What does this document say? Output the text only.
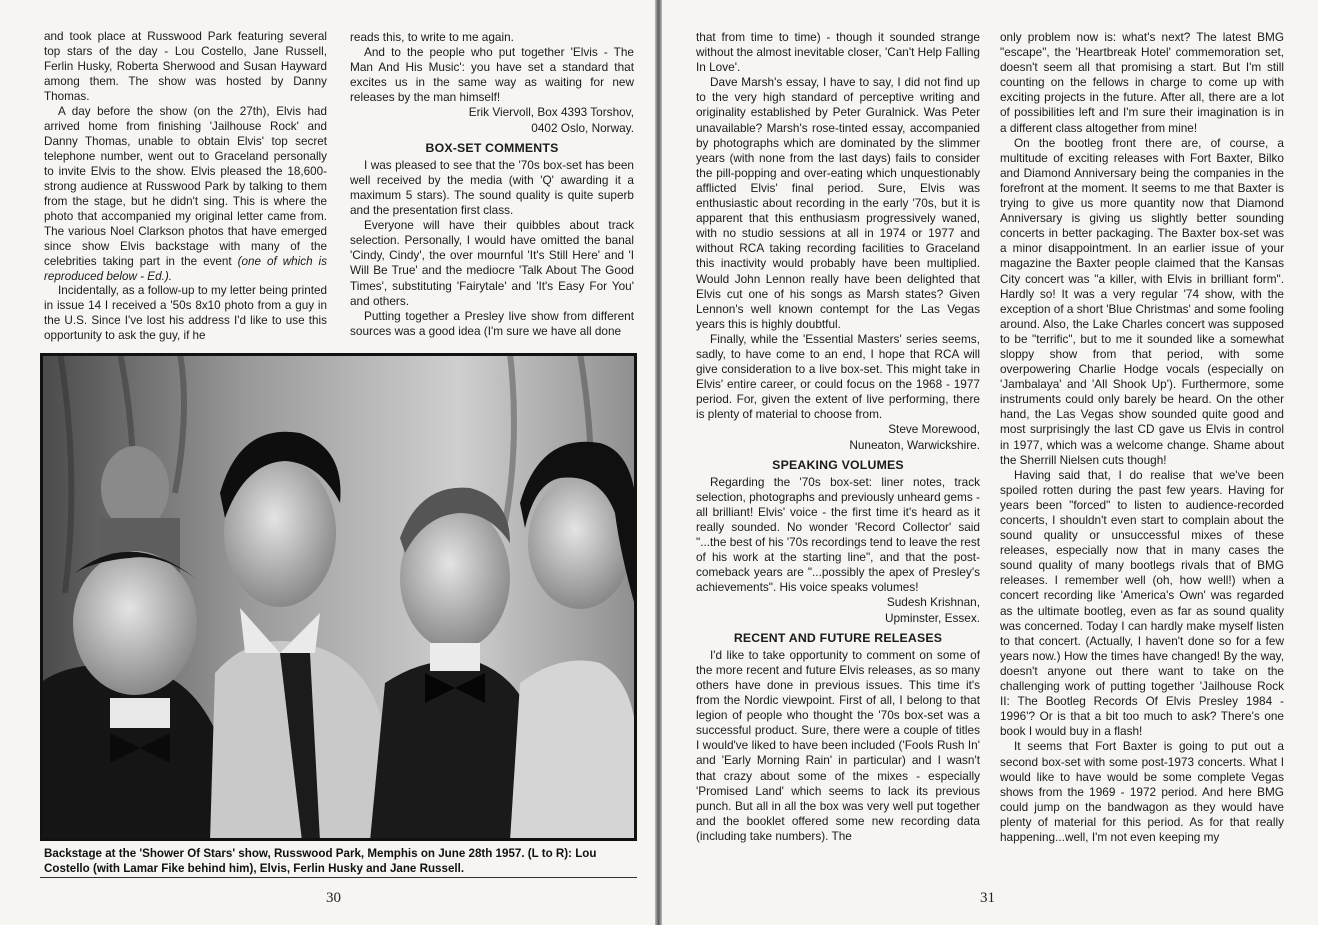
and took place at Russwood Park featuring several top stars of the day - Lou Costello, Jane Russell, Ferlin Husky, Roberta Sherwood and Susan Hayward among them. The show was hosted by Danny Thomas.

A day before the show (on the 27th), Elvis had arrived home from finishing 'Jailhouse Rock' and Danny Thomas, unable to obtain Elvis' top secret telephone number, went out to Graceland personally to invite Elvis to the show. Elvis pleased the 18,600-strong audience at Russwood Park by talking to them from the stage, but he didn't sing. This is where the photo that accompanied my original letter came from. The various Noel Clarkson photos that have emerged since show Elvis backstage with many of the celebrities taking part in the event (one of which is reproduced below - Ed.).

Incidentally, as a follow-up to my letter being printed in issue 14 I received a '50s 8x10 photo from a guy in the U.S. Since I've lost his address I'd like to use this opportunity to ask the guy, if he

reads this, to write to me again.

And to the people who put together 'Elvis - The Man And His Music': you have set a standard that excites us in the same way as waiting for new releases by the man himself!

Erik Viervoll, Box 4393 Torshov,

0402 Oslo, Norway.

BOX-SET COMMENTS

I was pleased to see that the '70s box-set has been well received by the media (with 'Q' awarding it a maximum 5 stars). The sound quality is quite superb and the presentation first class.

Everyone will have their quibbles about track selection. Personally, I would have omitted the banal 'Cindy, Cindy', the over mournful 'It's Still Here' and 'I Will Be True' and the mediocre 'Talk About The Good Times', substituting 'Fairytale' and 'It's Easy For You' and others.

Putting together a Presley live show from different sources was a good idea (I'm sure we have all done

Backstage at the 'Shower Of Stars' show, Russwood Park, Memphis on June 28th 1957. (L to R): Lou Costello (with Lamar Fike behind him), Elvis, Ferlin Husky and Jane Russell.
30

that from time to time) - though it sounded strange without the almost inevitable closer, 'Can't Help Falling In Love'.

Dave Marsh's essay, I have to say, I did not find up to the very high standard of perceptive writing and originality established by Peter Guralnick. Was Peter unavailable? Marsh's rose-tinted essay, accompanied by photographs which are dominated by the slimmer years (with none from the last days) fails to consider the pill-popping and over-eating which unquestionably afflicted Elvis' final period. Sure, Elvis was enthusiastic about recording in the early '70s, but it is apparent that this enthusiasm progressively waned, with no studio sessions at all in 1974 or 1977 and without RCA taking recording facilities to Graceland this inactivity would probably have been multiplied. Would John Lennon really have been delighted that Elvis cut one of his songs as Marsh states? Given Lennon's well known contempt for the Las Vegas years this is highly doubtful.

Finally, while the 'Essential Masters' series seems, sadly, to have come to an end, I hope that RCA will give consideration to a live box-set. This might take in Elvis' entire career, or could focus on the 1968 - 1977 period. For, given the extent of live performing, there is plenty of material to choose from.

Steve Morewood,

Nuneaton, Warwickshire.

SPEAKING VOLUMES

Regarding the '70s box-set: liner notes, track selection, photographs and previously unheard gems - all brilliant! Elvis' voice - the first time it's heard as it really sounded. No wonder 'Record Collector' said "...the best of his '70s recordings tend to leave the rest of his work at the starting line", and that the post-comeback years are "...possibly the apex of Presley's achievements". His voice speaks volumes!

Sudesh Krishnan,

Upminster, Essex.

RECENT AND FUTURE RELEASES

I'd like to take opportunity to comment on some of the more recent and future Elvis releases, as so many others have done in previous issues. This time it's from the Nordic viewpoint. First of all, I belong to that legion of people who thought the '70s box-set was a successful product. Sure, there were a couple of titles I would've liked to have been included ('Fools Rush In' and 'Early Morning Rain' in particular) and I wasn't that crazy about some of the mixes - especially 'Promised Land' which seems to lack its previous punch. But all in all the box was very well put together and the booklet offered some new recording data (including take numbers). The

only problem now is: what's next? The latest BMG "escape", the 'Heartbreak Hotel' commemoration set, doesn't seem all that promising a start. But I'm still counting on the fellows in charge to come up with exciting projects in the future. After all, there are a lot of possibilities left and I'm sure their imagination is in a different class altogether from mine!

On the bootleg front there are, of course, a multitude of exciting releases with Fort Baxter, Bilko and Diamond Anniversary being the companies in the forefront at the moment. It seems to me that Baxter is trying to give us more quantity now that Diamond Anniversary is giving us slightly better sounding concerts in better packaging. The Baxter box-set was a minor disappointment. In an earlier issue of your magazine the Baxter people claimed that the Kansas City concert was "a killer, with Elvis in brilliant form". Hardly so! It was a very regular '74 show, with the exception of a short 'Blue Christmas' and some fooling around. Also, the Lake Charles concert was supposed to be "terrific", but to me it sounded like a somewhat sloppy show from that period, with some overpowering Charlie Hodge vocals (especially on 'Jambalaya' and 'All Shook Up'). Furthermore, some instruments could only barely be heard. On the other hand, the Las Vegas show sounded quite good and most surprisingly the last CD gave us Elvis in control in 1977, which was a welcome change. Shame about the Sherrill Nielsen cuts though!

Having said that, I do realise that we've been spoiled rotten during the past few years. Having for years been "forced" to listen to audience-recorded concerts, I shouldn't even start to complain about the sound quality or unsuccessful mixes of these releases, especially now that in many cases the sound quality of many bootlegs rivals that of BMG releases. I remember well (oh, how well!) when a concert recording like 'America's Own' was regarded as the ultimate bootleg, even as far as sound quality was concerned. Today I can hardly make myself listen to that concert. (Actually, I haven't done so for a few years now.) How the times have changed! By the way, doesn't anyone out there want to take on the challenging work of putting together 'Jailhouse Rock II: The Bootleg Records Of Elvis Presley 1984 - 1996'? Or is that a bit too much to ask? There's one book I would buy in a flash!

It seems that Fort Baxter is going to put out a second box-set with some post-1973 concerts. What I would like to have would be some complete Vegas shows from the 1969 - 1972 period. And here BMG could jump on the bandwagon as they would have plenty of material for this period. As for that really happening...well, I'm not even keeping my

31
